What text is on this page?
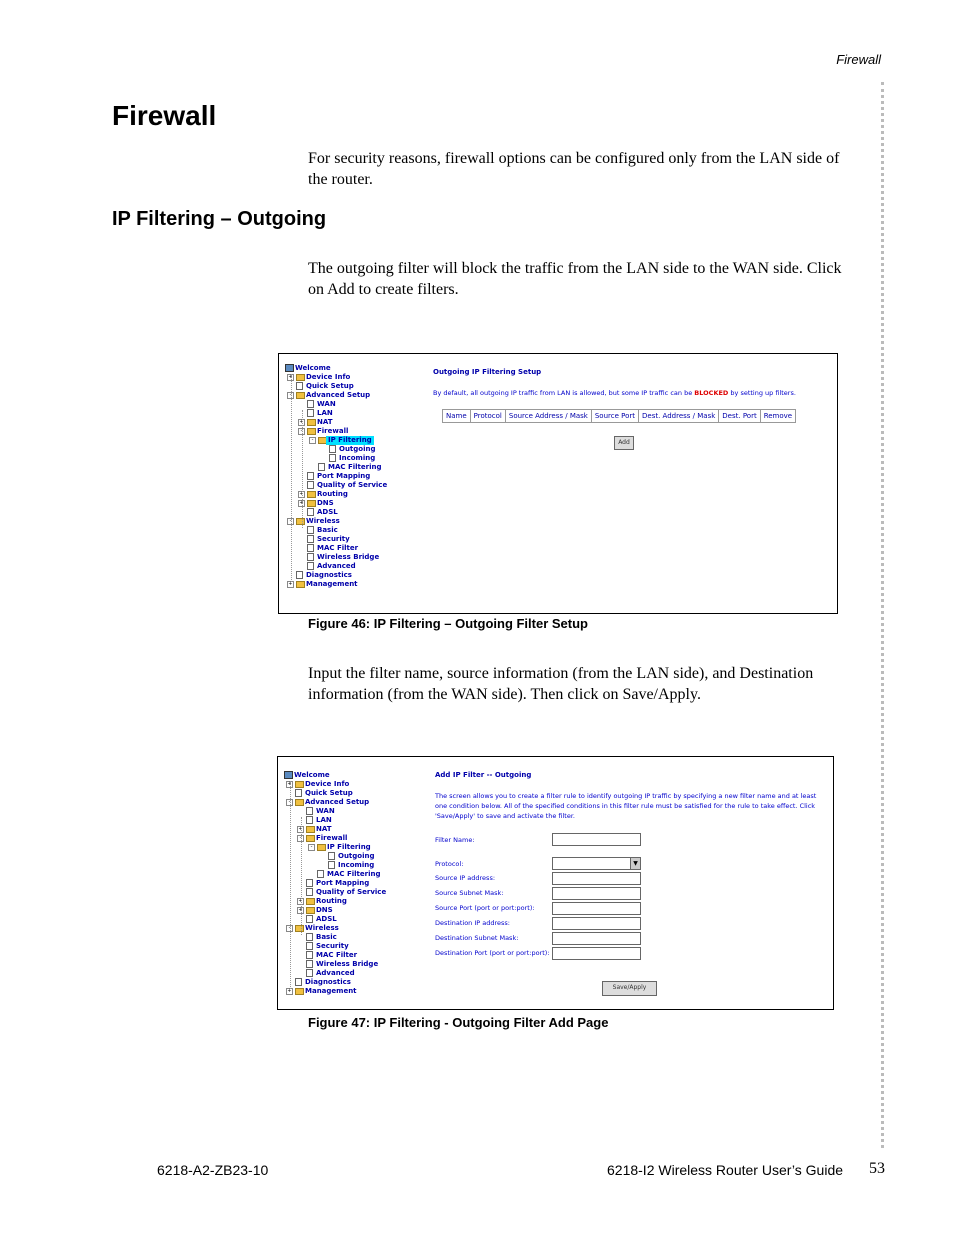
Firewall
Firewall
For security reasons, firewall options can be configured only from the LAN side of the router.
IP Filtering – Outgoing
The outgoing filter will block the traffic from the LAN side to the WAN side. Click on Add to create filters.
Welcome
+ Device Info
Quick Setup
-	Advanced Setup
WAN
LAN
+ NAT
-	Firewall
-	IP Filtering
Outgoing
Incoming
MAC Filtering
Port Mapping
Quality of Service
+ Routing
+ DNS
ADSL
-	Wireless
Basic
Security
MAC Filter
Wireless Bridge
Advanced
Diagnostics
+ Management
Outgoing IP Filtering Setup
By default, all outgoing IP traffic from LAN is allowed, but some IP traffic can be BLOCKED by setting up filters.
Name	Protocol	Source Address / Mask	Source Port	Dest. Address / Mask	Dest. Port	Remove
Add
Figure 46: IP Filtering – Outgoing Filter Setup
Input the filter name, source information (from the LAN side), and Destination information (from the WAN side). Then click on Save/Apply.
Welcome
+ Device Info
Quick Setup
-	Advanced Setup
WAN
LAN
+ NAT
-	Firewall
-	IP Filtering
Outgoing
Incoming
MAC Filtering
Port Mapping
Quality of Service
+ Routing
+ DNS
ADSL
-	Wireless
Basic
Security
MAC Filter
Wireless Bridge
Advanced
Diagnostics
+ Management
Add IP Filter -- Outgoing
The screen allows you to create a filter rule to identify outgoing IP traffic by specifying a new filter name and at least one condition below. All of the specified conditions in this filter rule must be satisfied for the rule to take effect. Click 'Save/Apply' to save and activate the filter.
Filter Name:
Protocol:	▼
Source IP address:
Source Subnet Mask:
Source Port (port or port:port):
Destination IP address:
Destination Subnet Mask:
Destination Port (port or port:port):
Save/Apply
Figure 47: IP Filtering - Outgoing Filter Add Page
6218-A2-ZB23-10	6218-I2 Wireless Router User’s Guide 53
